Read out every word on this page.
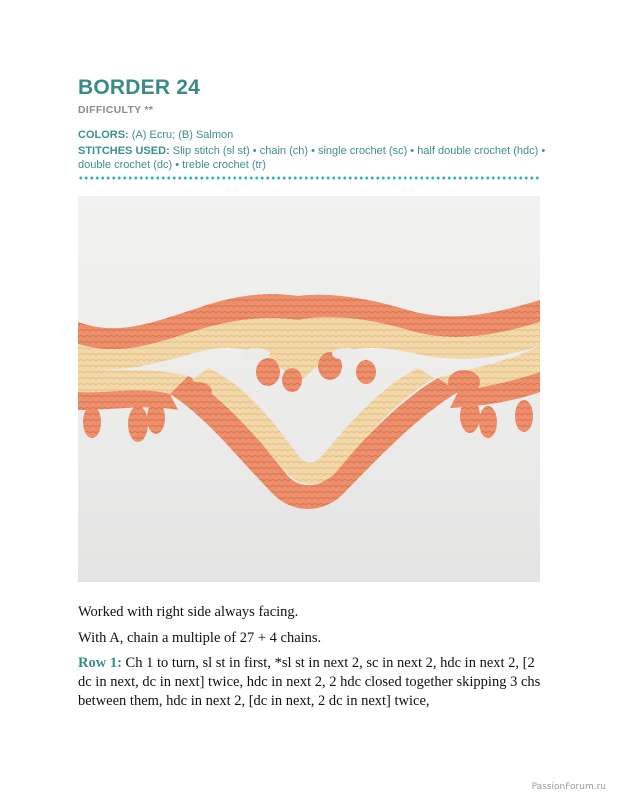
BORDER 24
DIFFICULTY **
COLORS: (A) Ecru; (B) Salmon
STITCHES USED: Slip stitch (sl st) • chain (ch) • single crochet (sc) • half double crochet (hdc) • double crochet (dc) • treble crochet (tr)
Worked with right side always facing.
With A, chain a multiple of 27 + 4 chains.
Row 1: Ch 1 to turn, sl st in first, *sl st in next 2, sc in next 2, hdc in next 2, [2 dc in next, dc in next] twice, hdc in next 2, 2 hdc closed together skipping 3 chs between them, hdc in next 2, [dc in next, 2 dc in next] twice,
PassionForum.ru
